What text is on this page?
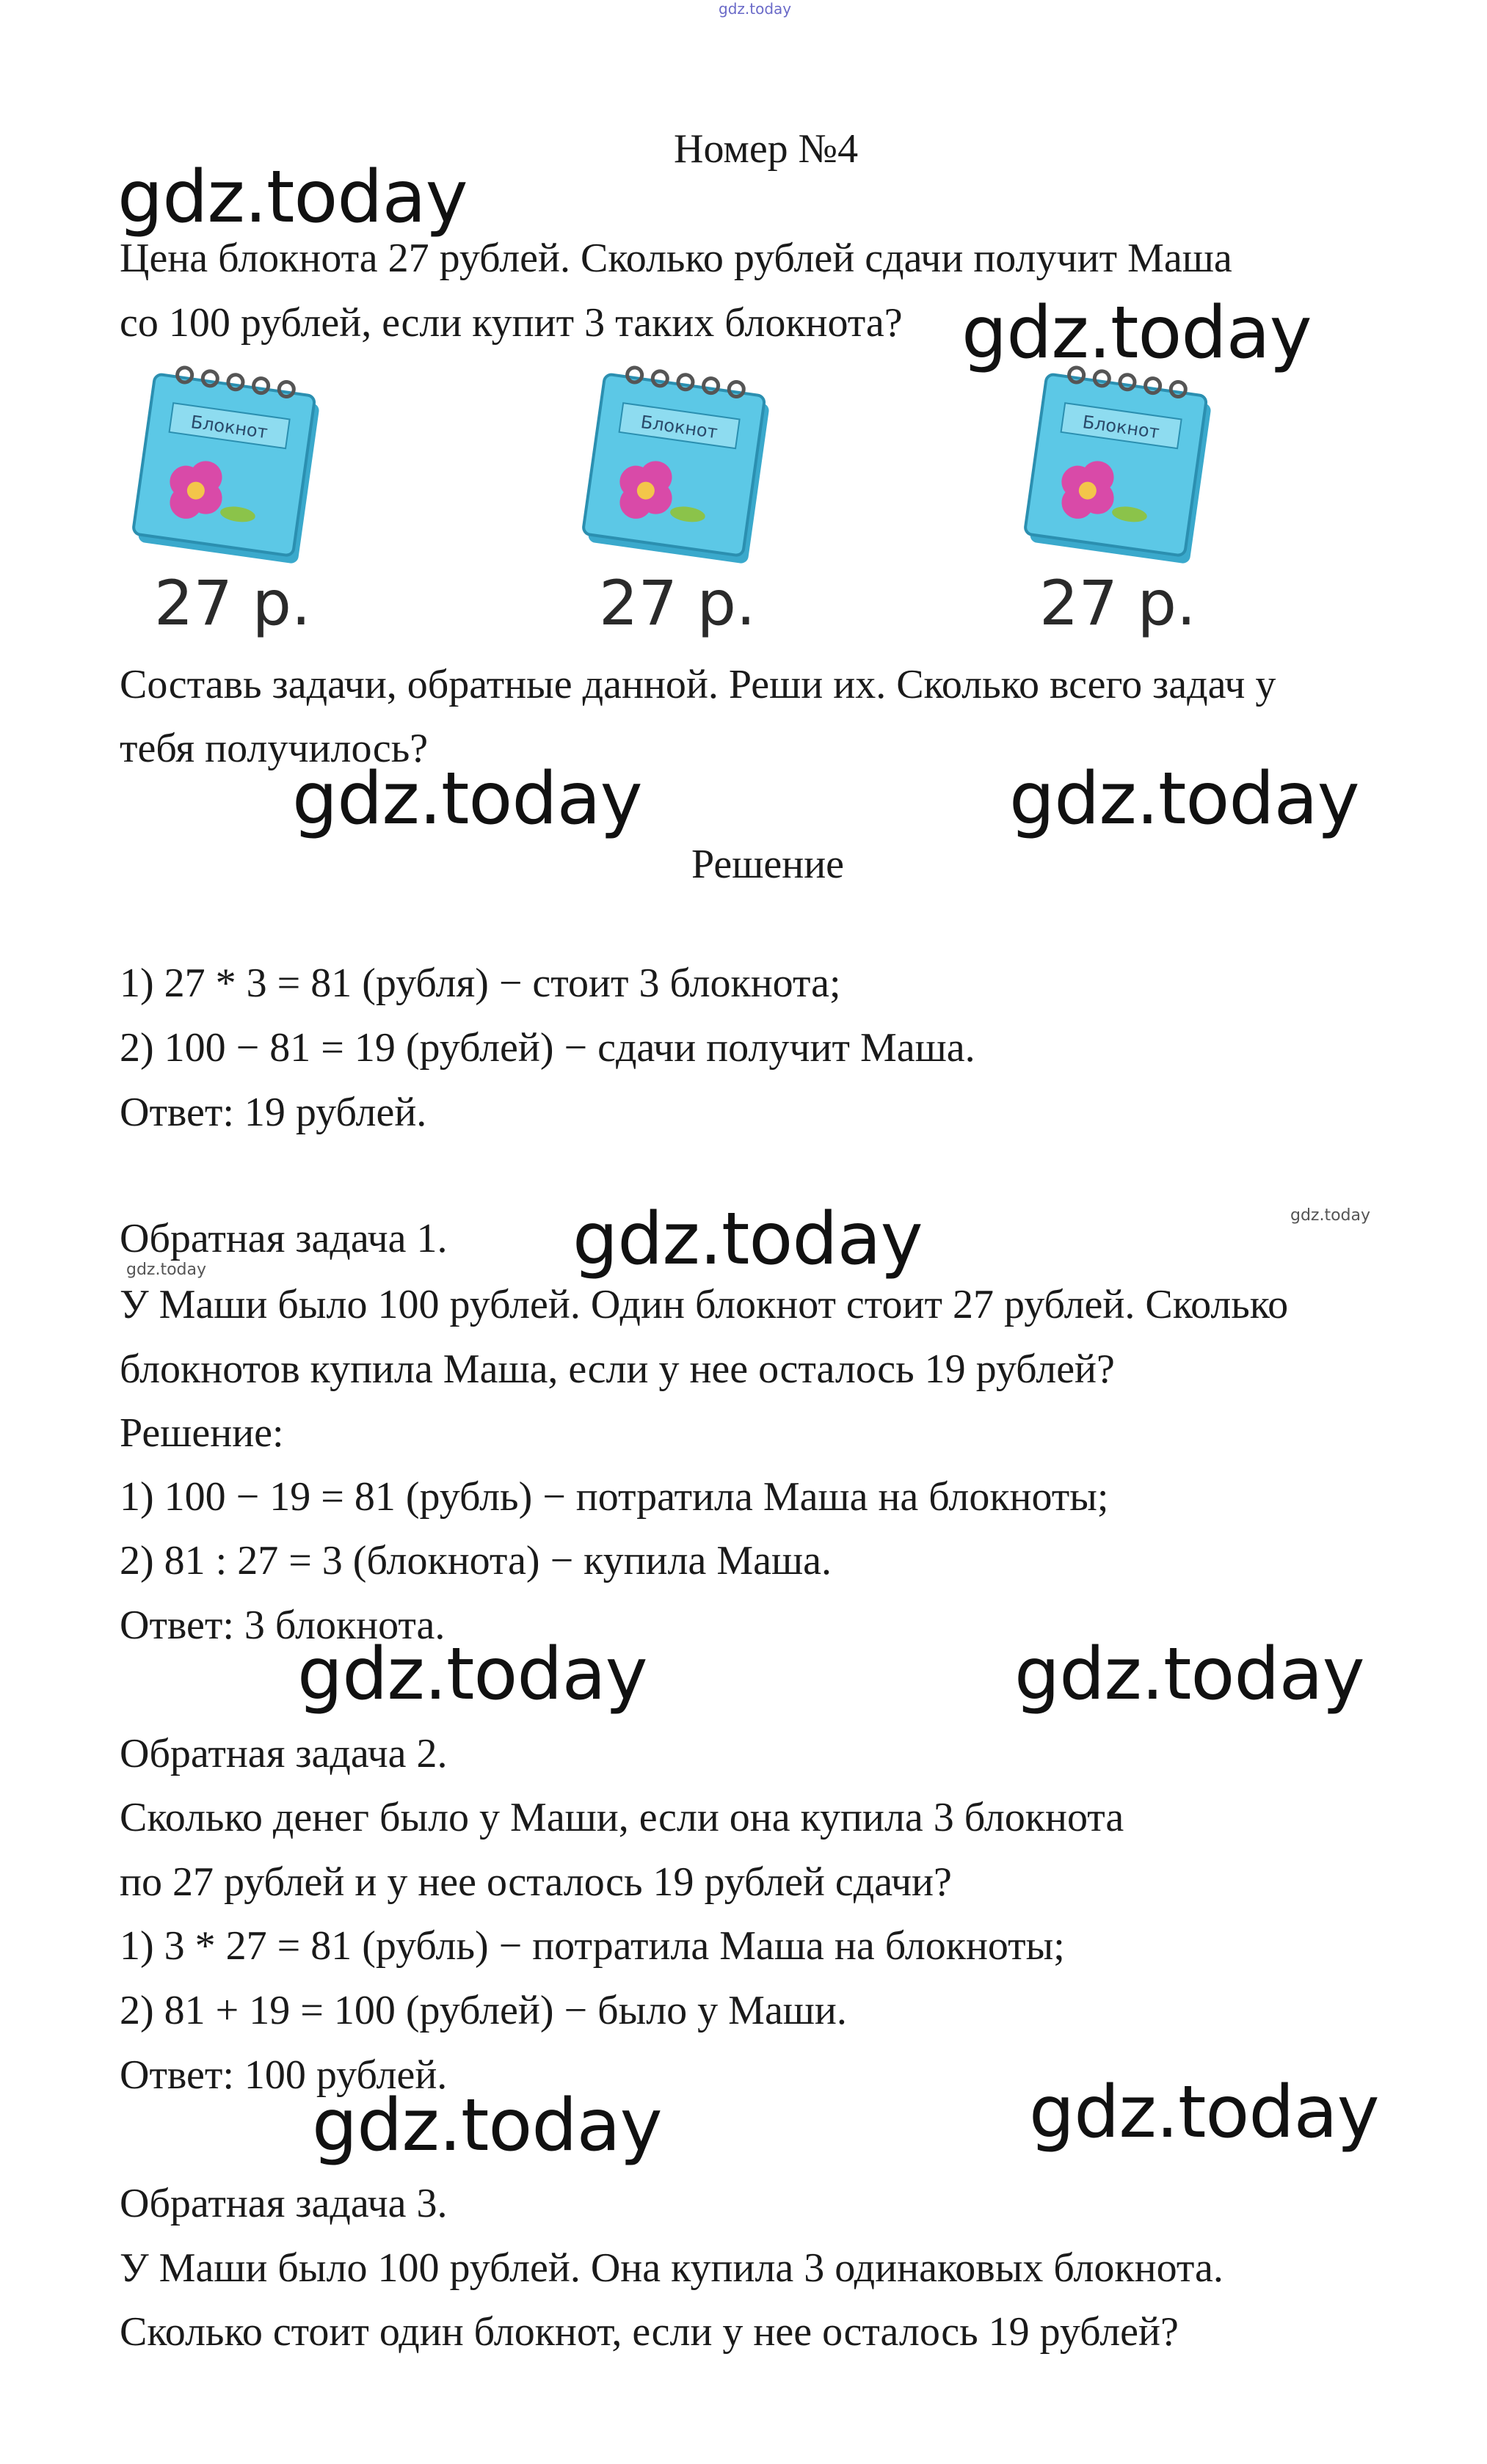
gdz.today
gdz.today
gdz.today
gdz.today
gdz.today
gdz.today	gdz.today
gdz.today
gdz.today	gdz.today
gdz.today	gdz.today
Номер №4
Цена блокнота 27 рублей. Сколько рублей сдачи получит Маша
со 100 рублей, если купит 3 таких блокнота?
Блокнот
27 р.
Блокнот
27 р.
Блокнот
27 р.
Составь задачи, обратные данной. Реши их. Сколько всего задач у
тебя получилось?
Решение
1) 27 * 3 = 81 (рубля) − стоит 3 блокнота;
2) 100 − 81 = 19 (рублей) − сдачи получит Маша.
Ответ: 19 рублей.
Обратная задача 1.
У Маши было 100 рублей. Один блокнот стоит 27 рублей. Сколько
блокнотов купила Маша, если у нее осталось 19 рублей?
Решение:
1) 100 − 19 = 81 (рубль) − потратила Маша на блокноты;
2) 81 : 27 = 3 (блокнота) − купила Маша.
Ответ: 3 блокнота.
Обратная задача 2.
Сколько денег было у Маши, если она купила 3 блокнота
по 27 рублей и у нее осталось 19 рублей сдачи?
1) 3 * 27 = 81 (рубль) − потратила Маша на блокноты;
2) 81 + 19 = 100 (рублей) − было у Маши.
Ответ: 100 рублей.
Обратная задача 3.
У Маши было 100 рублей. Она купила 3 одинаковых блокнота.
Сколько стоит один блокнот, если у нее осталось 19 рублей?
